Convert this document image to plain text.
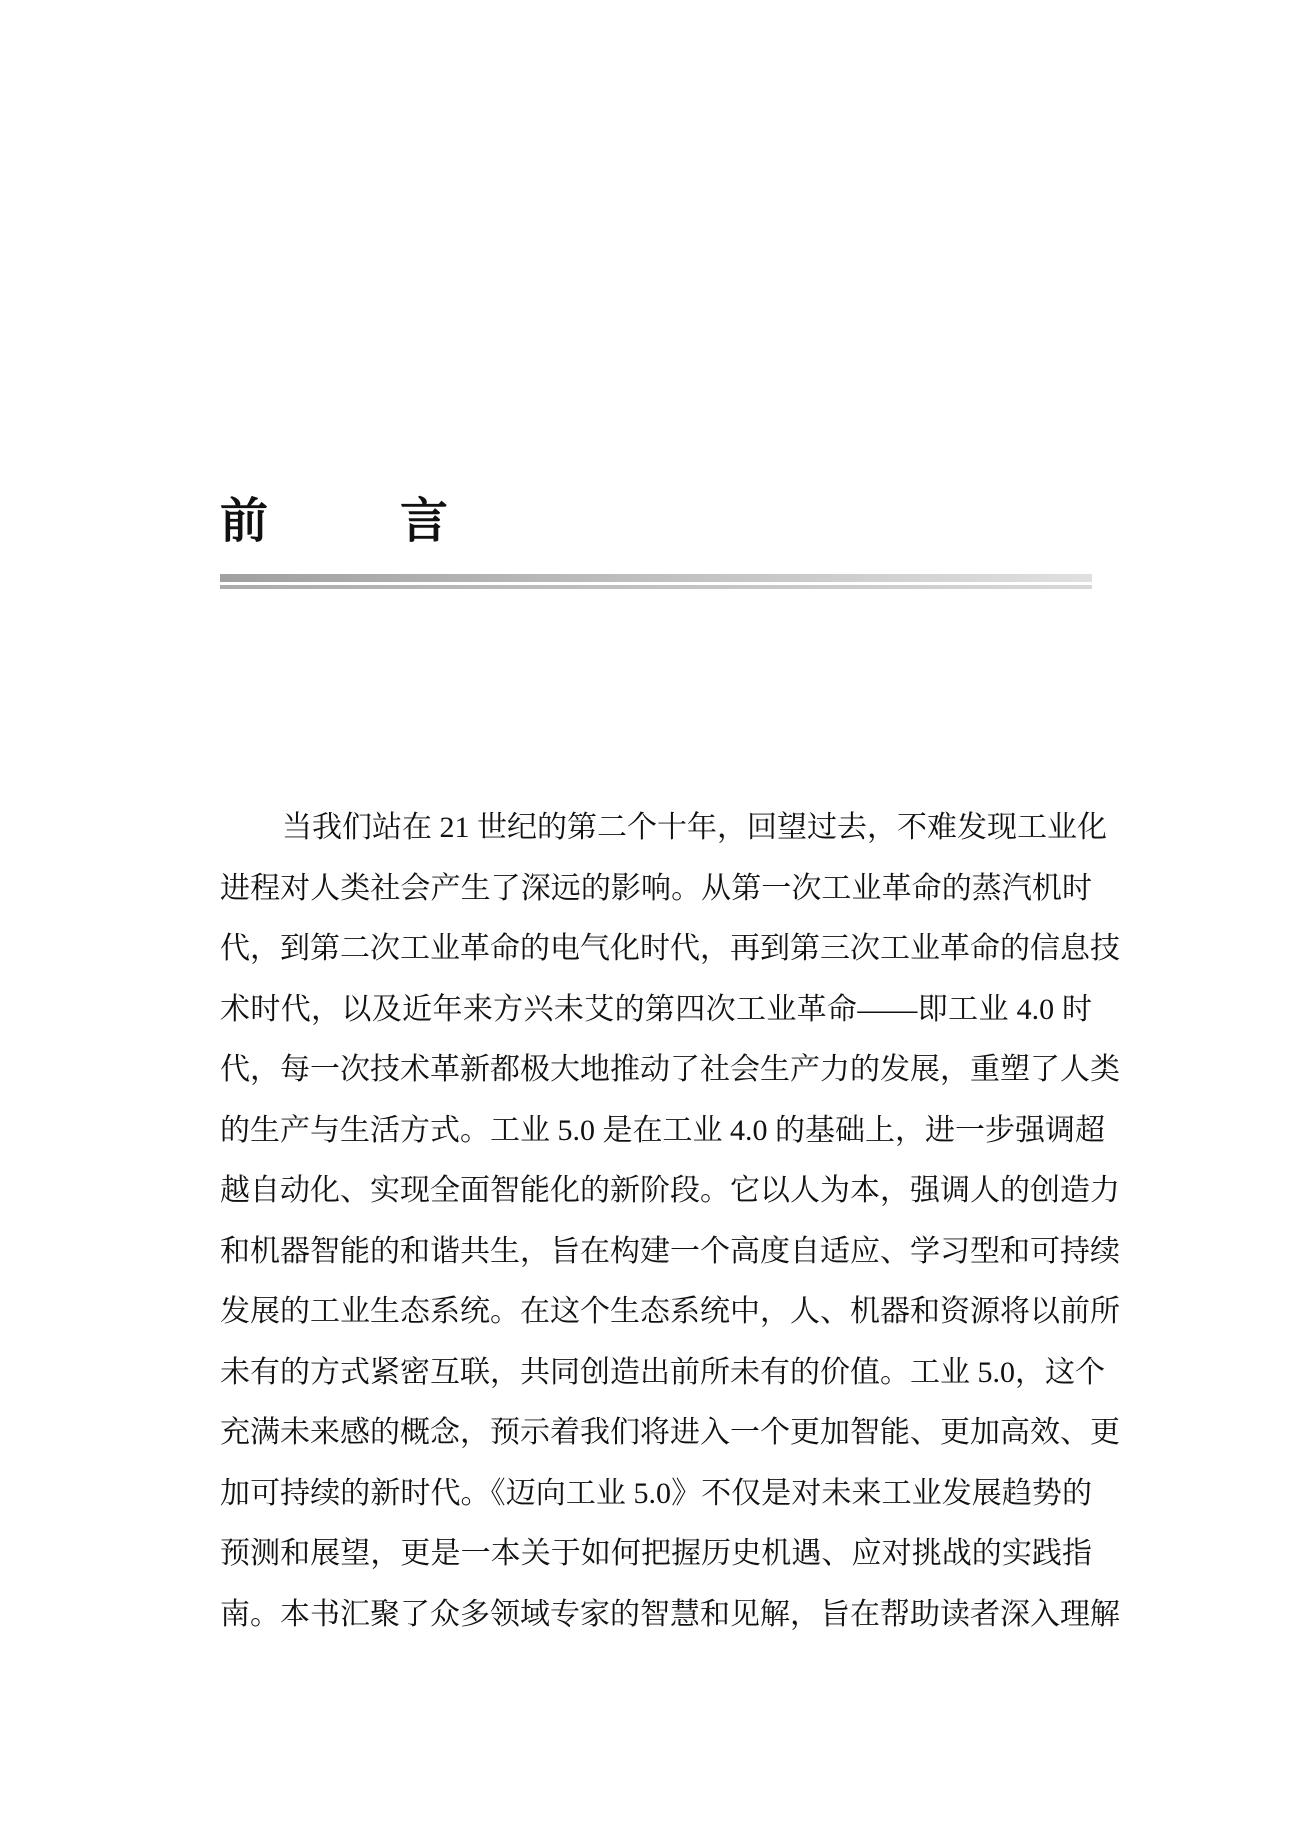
前	言
当我们站在 21 世纪的第二个十年，回望过去，不难发现工业化
进程对人类社会产生了深远的影响。从第一次工业革命的蒸汽机时
代，到第二次工业革命的电气化时代，再到第三次工业革命的信息技
术时代，以及近年来方兴未艾的第四次工业革命——即工业 4.0 时
代，每一次技术革新都极大地推动了社会生产力的发展，重塑了人类
的生产与生活方式。工业 5.0 是在工业 4.0 的基础上，进一步强调超
越自动化、实现全面智能化的新阶段。它以人为本，强调人的创造力
和机器智能的和谐共生，旨在构建一个高度自适应、学习型和可持续
发展的工业生态系统。在这个生态系统中，人、机器和资源将以前所
未有的方式紧密互联，共同创造出前所未有的价值。工业 5.0，这个
充满未来感的概念，预示着我们将进入一个更加智能、更加高效、更
加可持续的新时代。《迈向工业 5.0》不仅是对未来工业发展趋势的
预测和展望，更是一本关于如何把握历史机遇、应对挑战的实践指
南。本书汇聚了众多领域专家的智慧和见解，旨在帮助读者深入理解
